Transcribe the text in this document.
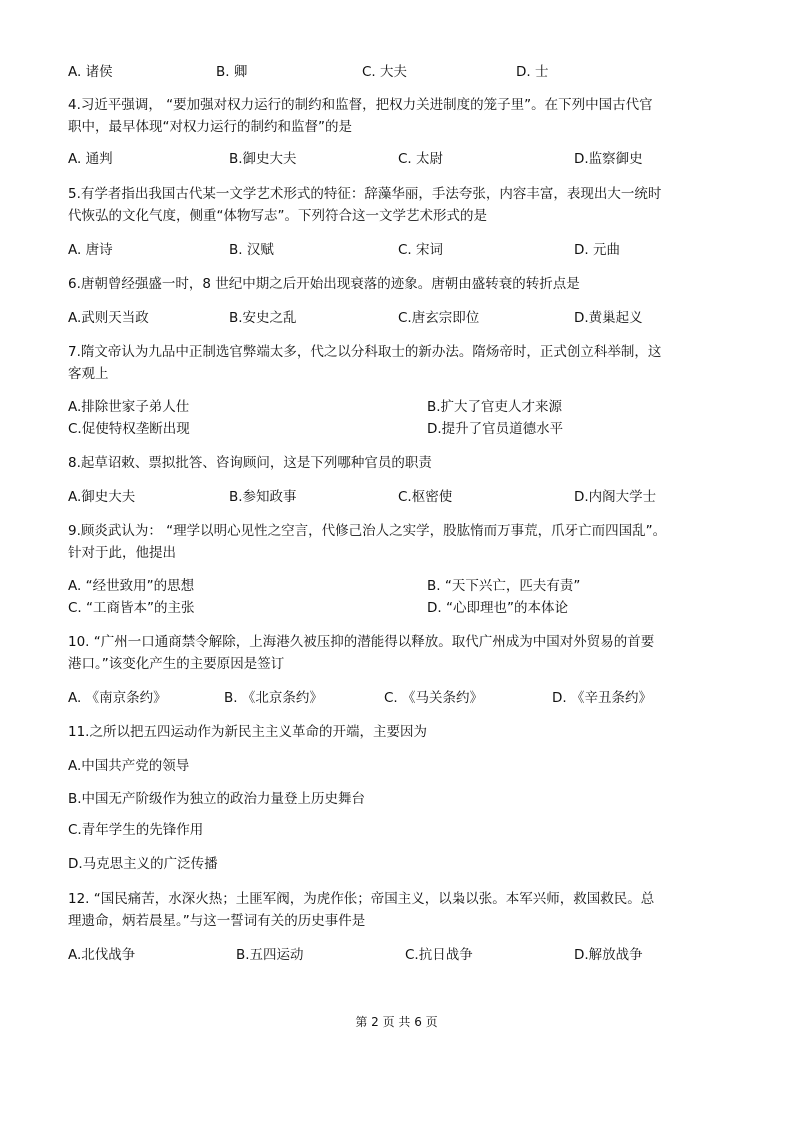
A. 诸侯	B. 卿	C. 大夫	D. 士
4.习近平强调， “要加强对权力运行的制约和监督，把权力关进制度的笼子里”。在下列中国古代官
职中，最早体现“对权力运行的制约和监督”的是
A. 通判	B.御史大夫	C. 太尉	D.监察御史
5.有学者指出我国古代某一文学艺术形式的特征：辞藻华丽，手法夸张，内容丰富，表现出大一统时
代恢弘的文化气度，侧重“体物写志”。下列符合这一文学艺术形式的是
A. 唐诗	B. 汉赋	C. 宋词	D. 元曲
6.唐朝曾经强盛一时，8 世纪中期之后开始出现衰落的迹象。唐朝由盛转衰的转折点是
A.武则天当政	B.安史之乱	C.唐玄宗即位	D.黄巢起义
7.隋文帝认为九品中正制选官弊端太多，代之以分科取士的新办法。隋炀帝时，正式创立科举制，这
客观上
A.排除世家子弟人仕	B.扩大了官吏人才来源
C.促使特权垄断出现	D.提升了官员道德水平
8.起草诏敕、票拟批答、咨询顾问，这是下列哪种官员的职责
A.御史大夫	B.参知政事	C.枢密使	D.内阁大学士
9.顾炎武认为： “理学以明心见性之空言，代修己治人之实学，股肱惰而万事荒，爪牙亡而四国乱”。
针对于此，他提出
A. “经世致用”的思想	B. “天下兴亡，匹夫有责”
C. “工商皆本”的主张	D. “心即理也”的本体论
10. “广州一口通商禁令解除，上海港久被压抑的潜能得以释放。取代广州成为中国对外贸易的首要
港口。”该变化产生的主要原因是签订
A. 《南京条约》	B. 《北京条约》	C. 《马关条约》	D. 《辛丑条约》
11.之所以把五四运动作为新民主主义革命的开端，主要因为
A.中国共产党的领导
B.中国无产阶级作为独立的政治力量登上历史舞台
C.青年学生的先锋作用
D.马克思主义的广泛传播
12. “国民痛苦，水深火热；土匪军阀，为虎作伥；帝国主义，以枭以张。本军兴师，救国救民。总
理遗命，炳若晨星。”与这一誓词有关的历史事件是
A.北伐战争	B.五四运动	C.抗日战争	D.解放战争
第 2 页 共 6 页
